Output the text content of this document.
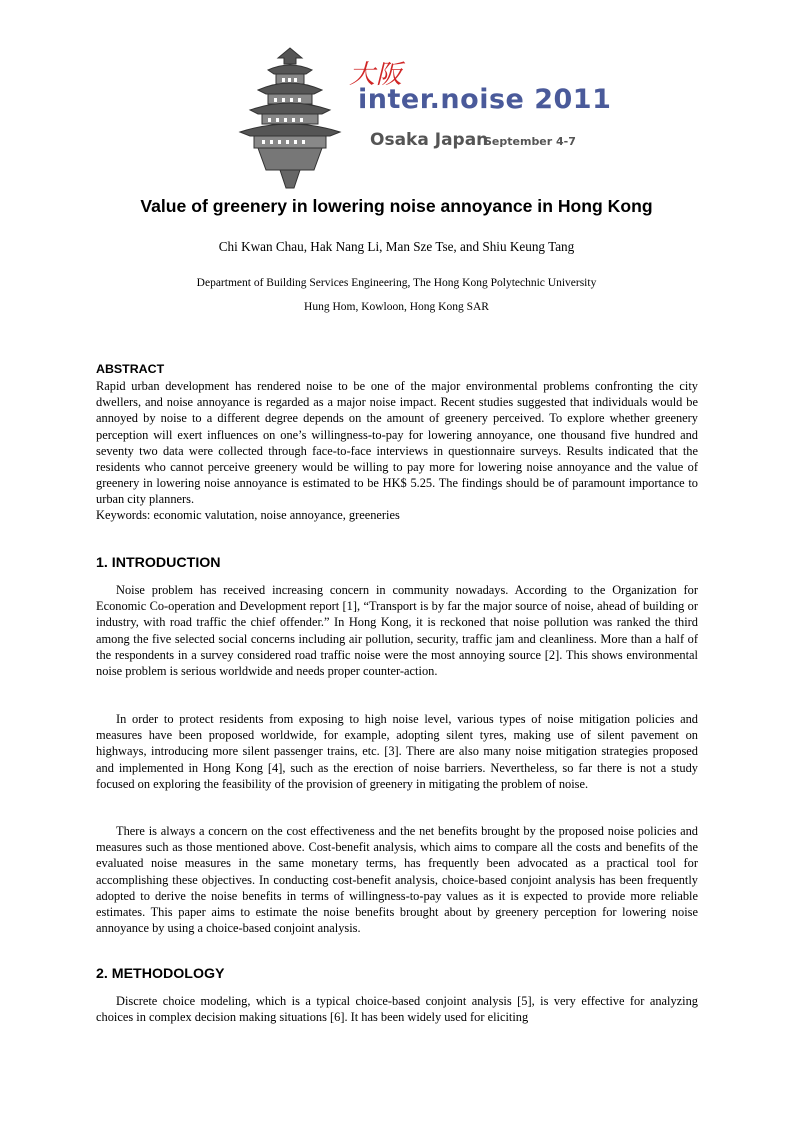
大阪
inter.noise 2011
Osaka Japan
September 4-7
Value of greenery in lowering noise annoyance in Hong Kong
Chi Kwan Chau, Hak Nang Li, Man Sze Tse, and Shiu Keung Tang
Department of Building Services Engineering, The Hong Kong Polytechnic University
Hung Hom, Kowloon, Hong Kong SAR
ABSTRACT
Rapid urban development has rendered noise to be one of the major environmental problems confronting the city dwellers, and noise annoyance is regarded as a major noise impact. Recent studies suggested that individuals would be annoyed by noise to a different degree depends on the amount of greenery perceived. To explore whether greenery perception will exert influences on one’s willingness-to-pay for lowering annoyance, one thousand five hundred and seventy two data were collected through face-to-face interviews in questionnaire surveys. Results indicated that the residents who cannot perceive greenery would be willing to pay more for lowering noise annoyance and the value of greenery in lowering noise annoyance is estimated to be HK$ 5.25. The findings should be of paramount importance to urban city planners.
Keywords: economic valutation, noise annoyance, greeneries
1. INTRODUCTION
Noise problem has received increasing concern in community nowadays. According to the Organization for Economic Co-operation and Development report [1], “Transport is by far the major source of noise, ahead of building or industry, with road traffic the chief offender.” In Hong Kong, it is reckoned that noise pollution was ranked the third among the five selected social concerns including air pollution, security, traffic jam and cleanliness. More than a half of the respondents in a survey considered road traffic noise were the most annoying source [2]. This shows environmental noise problem is serious worldwide and needs proper counter-action.
In order to protect residents from exposing to high noise level, various types of noise mitigation policies and measures have been proposed worldwide, for example, adopting silent tyres, making use of silent pavement on highways, introducing more silent passenger trains, etc. [3]. There are also many noise mitigation strategies proposed and implemented in Hong Kong [4], such as the erection of noise barriers. Nevertheless, so far there is not a study focused on exploring the feasibility of the provision of greenery in mitigating the problem of noise.
There is always a concern on the cost effectiveness and the net benefits brought by the proposed noise policies and measures such as those mentioned above. Cost-benefit analysis, which aims to compare all the costs and benefits of the evaluated noise measures in the same monetary terms, has frequently been advocated as a practical tool for accomplishing these objectives. In conducting cost-benefit analysis, choice-based conjoint analysis has been frequently adopted to derive the noise benefits in terms of willingness-to-pay values as it is expected to provide more reliable estimates. This paper aims to estimate the noise benefits brought about by greenery perception for lowering noise annoyance by using a choice-based conjoint analysis.
2. METHODOLOGY
Discrete choice modeling, which is a typical choice-based conjoint analysis [5], is very effective for analyzing choices in complex decision making situations [6]. It has been widely used for eliciting
